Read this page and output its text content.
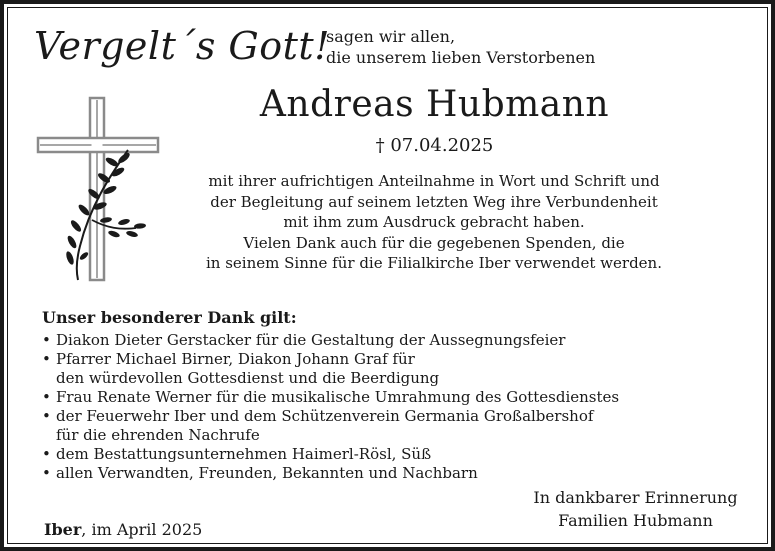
Vergelt´s Gott!
sagen wir allen,
die unserem lieben Verstorbenen
Andreas Hubmann
† 07.04.2025
mit ihrer aufrichtigen Anteilnahme in Wort und Schrift und
der Begleitung auf seinem letzten Weg ihre Verbundenheit
mit ihm zum Ausdruck gebracht haben.
Vielen Dank auch für die gegebenen Spenden, die
in seinem Sinne für die Filialkirche Iber verwendet werden.
Unser besonderer Dank gilt:
• Diakon Dieter Gerstacker für die Gestaltung der Aussegnungsfeier
• Pfarrer Michael Birner, Diakon Johann Graf für
den würdevollen Gottesdienst und die Beerdigung
• Frau Renate Werner für die musikalische Umrahmung des Gottesdienstes
• der Feuerwehr Iber und dem Schützenverein Germania Großalbershof
für die ehrenden Nachrufe
• dem Bestattungsunternehmen Haimerl-Rösl, Süß
• allen Verwandten, Freunden, Bekannten und Nachbarn
In dankbarer Erinnerung
Familien Hubmann
Iber, im April 2025
